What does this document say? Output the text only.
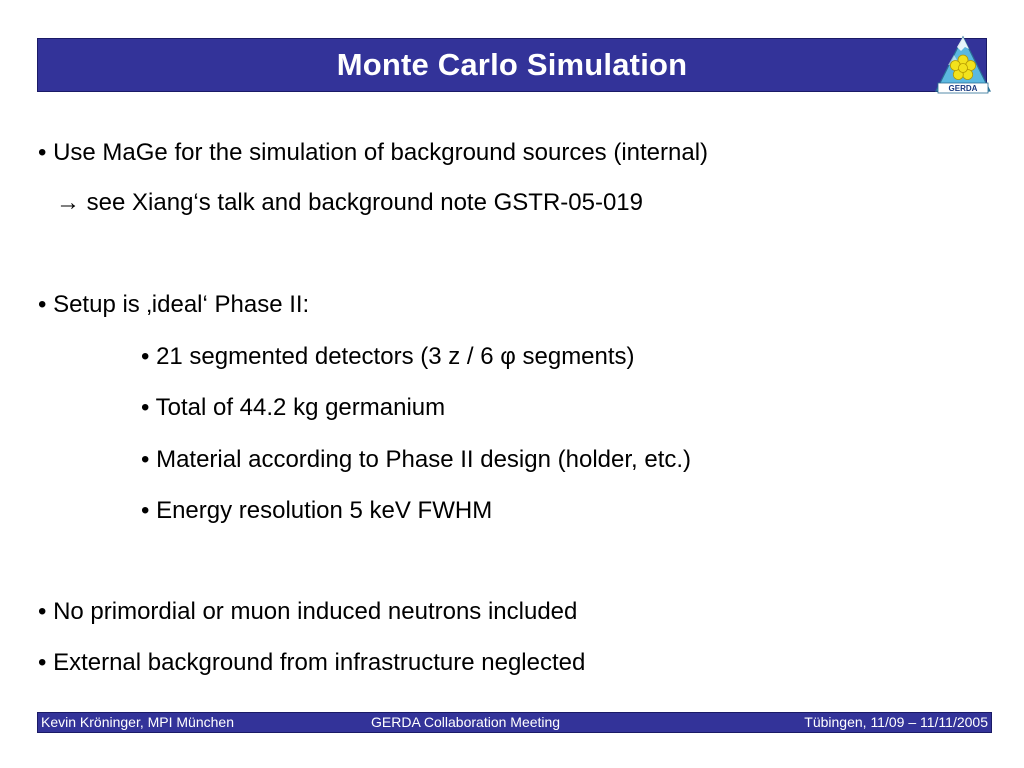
Monte Carlo Simulation
GERDA
• Use MaGe for the simulation of background sources (internal)
→ see Xiang‘s talk and background note GSTR-05-019
• Setup is ‚ideal‘ Phase II:
• 21 segmented detectors (3 z / 6 φ segments)
• Total of 44.2 kg germanium
• Material according to Phase II design (holder, etc.)
• Energy resolution 5 keV FWHM
• No primordial or muon induced neutrons included
• External background from infrastructure neglected
Kevin Kröninger, MPI München	GERDA Collaboration Meeting	Tübingen, 11/09 – 11/11/2005
